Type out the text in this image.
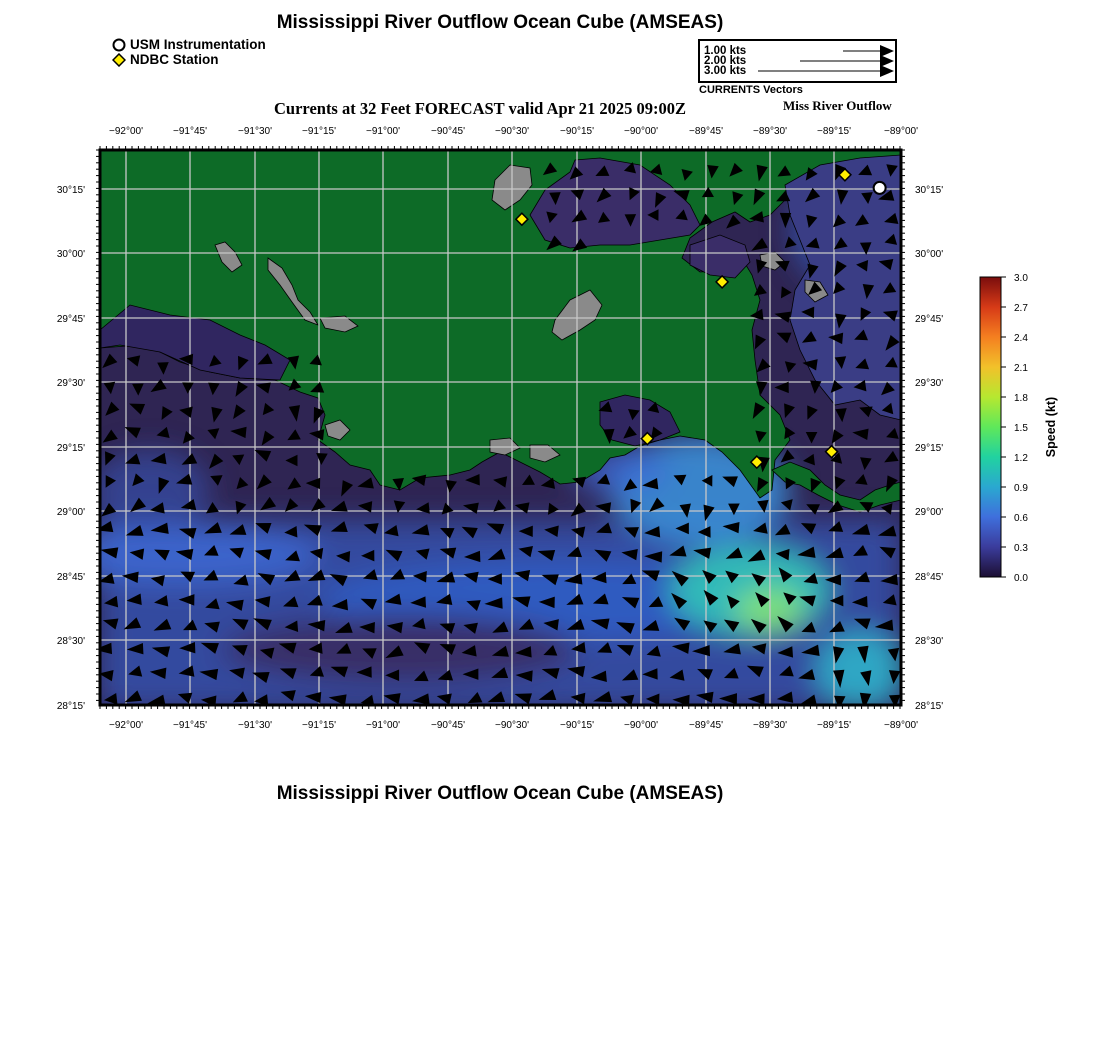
Mississippi River Outflow Ocean Cube (AMSEAS)
USM Instrumentation
NDBC Station
1.00 kts
2.00 kts
3.00 kts
CURRENTS Vectors
Currents at 32 Feet FORECAST valid Apr 21 2025 09:00Z	Miss River Outflow
−92°00'	−91°45'	−91°30'	−91°15'	−91°00'	−90°45'	−90°30'	−90°15'	−90°00'	−89°45'	−89°30'	−89°15'	−89°00'
−92°00'	−91°45'	−91°30'	−91°15'	−91°00'	−90°45'	−90°30'	−90°15'	−90°00'	−89°45'	−89°30'	−89°15'	−89°00'
30°15'
30°00'
29°45'
29°30'
29°15'
29°00'
28°45'
28°30'
28°15'
30°15'
30°00'
29°45'
29°30'
29°15'
29°00'
28°45'
28°30'
28°15'
0.0
0.3
0.6
0.9
1.2
1.5
1.8
2.1
2.4
2.7
3.0
Speed (kt)
Mississippi River Outflow Ocean Cube (AMSEAS)
